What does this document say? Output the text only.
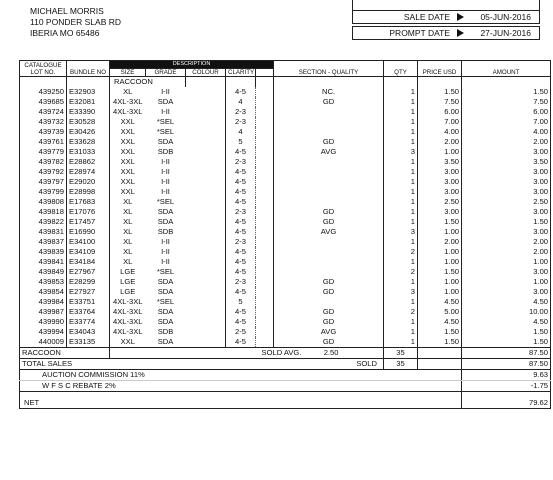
SALE DATE	05-JUN-2016
PROMPT DATE	27-JUN-2016
MICHAEL MORRIS
110 PONDER SLAB RD
IBERIA MO 65486
CATALOGUE LOT NO.	BUNDLE NO	DESCRIPTION					SECTION - QUALITY	QTY	PRICE USD	AMOUNT
		SIZE	GRADE	COLOUR	CLARITY					
		RACCOON								
439250	E32903	XL	I-II		4-5		NC.	1	1.50	1.50
439685	E32081	4XL-3XL	SDA		4		GD	1	7.50	7.50
439724	E33390	4XL-3XL	I-II		2-3			1	6.00	6.00
439732	E30528	XXL	*SEL		2-3			1	7.00	7.00
439739	E30426	XXL	*SEL		4			1	4.00	4.00
439761	E33628	XXL	SDA		5		GD	1	2.00	2.00
439779	E31033	XXL	SDB		4-5		AVG	3	1.00	3.00
439782	E28862	XXL	I-II		2-3			1	3.50	3.50
439792	E28974	XXL	I-II		4-5			1	3.00	3.00
439797	E29020	XXL	I-II		4-5			1	3.00	3.00
439799	E28998	XXL	I-II		4-5			1	3.00	3.00
439808	E17683	XL	*SEL		4-5			1	2.50	2.50
439818	E17076	XL	SDA		2-3		GD	1	3.00	3.00
439822	E17457	XL	SDA		4-5		GD	1	1.50	1.50
439831	E16990	XL	SDB		4-5		AVG	3	1.00	3.00
439837	E34100	XL	I-II		2-3			1	2.00	2.00
439839	E34109	XL	I-II		4-5			2	1.00	2.00
439841	E34184	XL	I-II		4-5			1	1.00	1.00
439849	E27967	LGE	*SEL		4-5			2	1.50	3.00
439853	E28299	LGE	SDA		2-3		GD	1	1.00	1.00
439854	E27927	LGE	SDA		4-5		GD	3	1.00	3.00
439984	E33751	4XL-3XL	*SEL		5			1	4.50	4.50
439987	E33764	4XL-3XL	SDA		4-5		GD	2	5.00	10.00
439990	E33774	4XL-3XL	SDA		4-5		GD	1	4.50	4.50
439994	E34043	4XL-3XL	SDB		2-5		AVG	1	1.50	1.50
440009	E33135	XXL	SDA		4-5		GD	1	1.50	1.50
RACCOON						SOLD AVG. 2.50		35		87.50
TOTAL SALES			SOLD					35		87.50
AUCTION COMMISSION 11%										9.63
W F S C REBATE 2%										-1.75

NET										79.62
